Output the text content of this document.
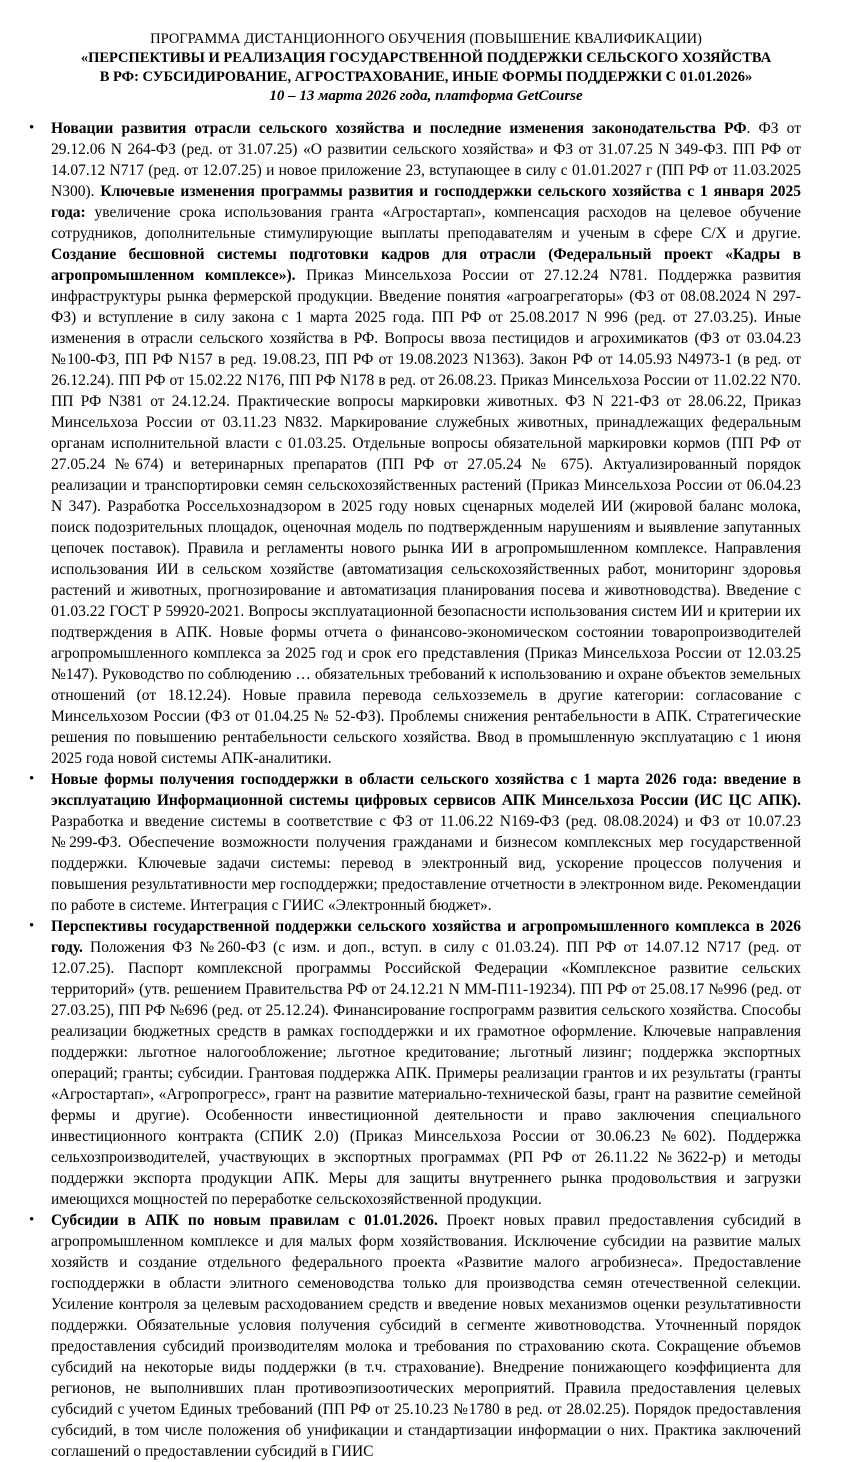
ПРОГРАММА ДИСТАНЦИОННОГО ОБУЧЕНИЯ (ПОВЫШЕНИЕ КВАЛИФИКАЦИИ)
«ПЕРСПЕКТИВЫ И РЕАЛИЗАЦИЯ ГОСУДАРСТВЕННОЙ ПОДДЕРЖКИ СЕЛЬСКОГО ХОЗЯЙСТВА
В РФ: СУБСИДИРОВАНИЕ, АГРОСТРАХОВАНИЕ, ИНЫЕ ФОРМЫ ПОДДЕРЖКИ С 01.01.2026»
10 – 13 марта 2026 года, платформа GetCourse
• Новации развития отрасли сельского хозяйства и последние изменения законодательства РФ. ФЗ от 29.12.06 N 264-ФЗ (ред. от 31.07.25) «О развитии сельского хозяйства» и ФЗ от 31.07.25 N 349-ФЗ. ПП РФ от 14.07.12 N717 (ред. от 12.07.25) и новое приложение 23, вступающее в силу с 01.01.2027 г (ПП РФ от 11.03.2025 N300). Ключевые изменения программы развития и господдержки сельского хозяйства с 1 января 2025 года: увеличение срока использования гранта «Агростартап», компенсация расходов на целевое обучение сотрудников, дополнительные стимулирующие выплаты преподавателям и ученым в сфере С/Х и другие. Создание бесшовной системы подготовки кадров для отрасли (Федеральный проект «Кадры в агропромышленном комплексе»). Приказ Минсельхоза России от 27.12.24 N781. Поддержка развития инфраструктуры рынка фермерской продукции. Введение понятия «агроагрегаторы» (ФЗ от 08.08.2024 N 297-ФЗ) и вступление в силу закона с 1 марта 2025 года. ПП РФ от 25.08.2017 N 996 (ред. от 27.03.25). Иные изменения в отрасли сельского хозяйства в РФ. Вопросы ввоза пестицидов и агрохимикатов (ФЗ от 03.04.23 №100-ФЗ, ПП РФ N157 в ред. 19.08.23, ПП РФ от 19.08.2023 N1363). Закон РФ от 14.05.93 N4973-1 (в ред. от 26.12.24). ПП РФ от 15.02.22 N176, ПП РФ N178 в ред. от 26.08.23. Приказ Минсельхоза России от 11.02.22 N70. ПП РФ N381 от 24.12.24. Практические вопросы маркировки животных. ФЗ N 221-ФЗ от 28.06.22, Приказ Минсельхоза России от 03.11.23 N832. Маркирование служебных животных, принадлежащих федеральным органам исполнительной власти с 01.03.25. Отдельные вопросы обязательной маркировки кормов (ПП РФ от 27.05.24 №674) и ветеринарных препаратов (ПП РФ от 27.05.24 № 675). Актуализированный порядок реализации и транспортировки семян сельскохозяйственных растений (Приказ Минсельхоза России от 06.04.23 N 347). Разработка Россельхознадзором в 2025 году новых сценарных моделей ИИ (жировой баланс молока, поиск подозрительных площадок, оценочная модель по подтвержденным нарушениям и выявление запутанных цепочек поставок). Правила и регламенты нового рынка ИИ в агропромышленном комплексе. Направления использования ИИ в сельском хозяйстве (автоматизация сельскохозяйственных работ, мониторинг здоровья растений и животных, прогнозирование и автоматизация планирования посева и животноводства). Введение с 01.03.22 ГОСТ Р 59920-2021. Вопросы эксплуатационной безопасности использования систем ИИ и критерии их подтверждения в АПК. Новые формы отчета о финансово-экономическом состоянии товаропроизводителей агропромышленного комплекса за 2025 год и срок его представления (Приказ Минсельхоза России от 12.03.25 №147). Руководство по соблюдению … обязательных требований к использованию и охране объектов земельных отношений (от 18.12.24). Новые правила перевода сельхозземель в другие категории: согласование с Минсельхозом России (ФЗ от 01.04.25 № 52-ФЗ). Проблемы снижения рентабельности в АПК. Стратегические решения по повышению рентабельности сельского хозяйства. Ввод в промышленную эксплуатацию с 1 июня 2025 года новой системы АПК-аналитики.
• Новые формы получения господдержки в области сельского хозяйства с 1 марта 2026 года: введение в эксплуатацию Информационной системы цифровых сервисов АПК Минсельхоза России (ИС ЦС АПК). Разработка и введение системы в соответствие с ФЗ от 11.06.22 N169-ФЗ (ред. 08.08.2024) и ФЗ от 10.07.23 №299-ФЗ. Обеспечение возможности получения гражданами и бизнесом комплексных мер государственной поддержки. Ключевые задачи системы: перевод в электронный вид, ускорение процессов получения и повышения результативности мер господдержки; предоставление отчетности в электронном виде. Рекомендации по работе в системе. Интеграция с ГИИС «Электронный бюджет».
• Перспективы государственной поддержки сельского хозяйства и агропромышленного комплекса в 2026 году. Положения ФЗ №260-ФЗ (с изм. и доп., вступ. в силу с 01.03.24). ПП РФ от 14.07.12 N717 (ред. от 12.07.25). Паспорт комплексной программы Российской Федерации «Комплексное развитие сельских территорий» (утв. решением Правительства РФ от 24.12.21 N ММ-П11-19234). ПП РФ от 25.08.17 №996 (ред. от 27.03.25), ПП РФ №696 (ред. от 25.12.24). Финансирование госпрограмм развития сельского хозяйства. Способы реализации бюджетных средств в рамках господдержки и их грамотное оформление. Ключевые направления поддержки: льготное налогообложение; льготное кредитование; льготный лизинг; поддержка экспортных операций; гранты; субсидии. Грантовая поддержка АПК. Примеры реализации грантов и их результаты (гранты «Агростартап», «Агропрогресс», грант на развитие материально-технической базы, грант на развитие семейной фермы и другие). Особенности инвестиционной деятельности и право заключения специального инвестиционного контракта (СПИК 2.0) (Приказ Минсельхоза России от 30.06.23 №602). Поддержка сельхозпроизводителей, участвующих в экспортных программах (РП РФ от 26.11.22 №3622-р) и методы поддержки экспорта продукции АПК. Меры для защиты внутреннего рынка продовольствия и загрузки имеющихся мощностей по переработке сельскохозяйственной продукции.
• Субсидии в АПК по новым правилам с 01.01.2026. Проект новых правил предоставления субсидий в агропромышленном комплексе и для малых форм хозяйствования. Исключение субсидии на развитие малых хозяйств и создание отдельного федерального проекта «Развитие малого агробизнеса». Предоставление господдержки в области элитного семеноводства только для производства семян отечественной селекции. Усиление контроля за целевым расходованием средств и введение новых механизмов оценки результативности поддержки. Обязательные условия получения субсидий в сегменте животноводства. Уточненный порядок предоставления субсидий производителям молока и требования по страхованию скота. Сокращение объемов субсидий на некоторые виды поддержки (в т.ч. страхование). Внедрение понижающего коэффициента для регионов, не выполнивших план противоэпизоотических мероприятий. Правила предоставления целевых субсидий с учетом Единых требований (ПП РФ от 25.10.23 №1780 в ред. от 28.02.25). Порядок предоставления субсидий, в том числе положения об унификации и стандартизации информации о них. Практика заключений соглашений о предоставлении субсидий в ГИИС
